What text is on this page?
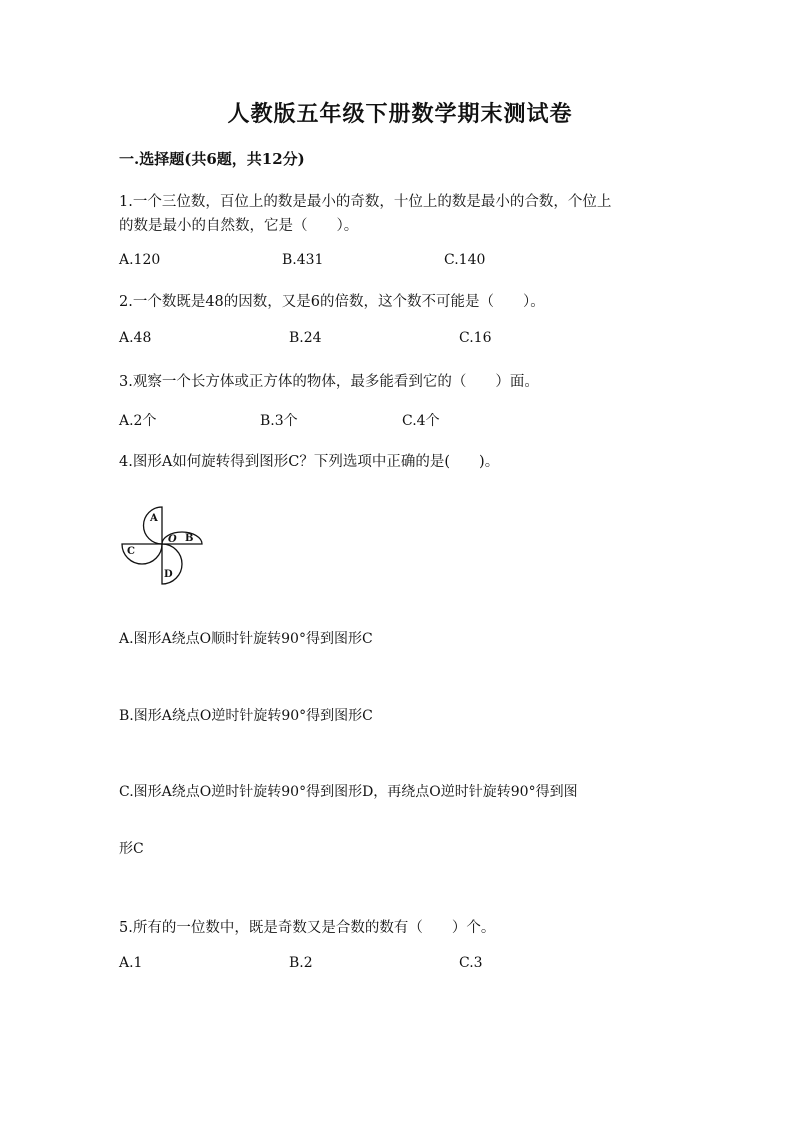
人教版五年级下册数学期末测试卷
一.选择题(共6题，共12分)
1.一个三位数，百位上的数是最小的奇数，十位上的数是最小的合数，个位上
的数是最小的自然数，它是（　　）。
A.120	B.431	C.140
2.一个数既是48的因数，又是6的倍数，这个数不可能是（　　）。
A.48	B.24	C.16
3.观察一个长方体或正方体的物体，最多能看到它的（　　）面。
A.2个	B.3个	C.4个
4.图形A如何旋转得到图形C？下列选项中正确的是(　　)。
A
B
C
D
O
A.图形A绕点O顺时针旋转90°得到图形C
B.图形A绕点O逆时针旋转90°得到图形C
C.图形A绕点O逆时针旋转90°得到图形D，再绕点O逆时针旋转90°得到图
形C
5.所有的一位数中，既是奇数又是合数的数有（　　）个。
A.1	B.2	C.3
